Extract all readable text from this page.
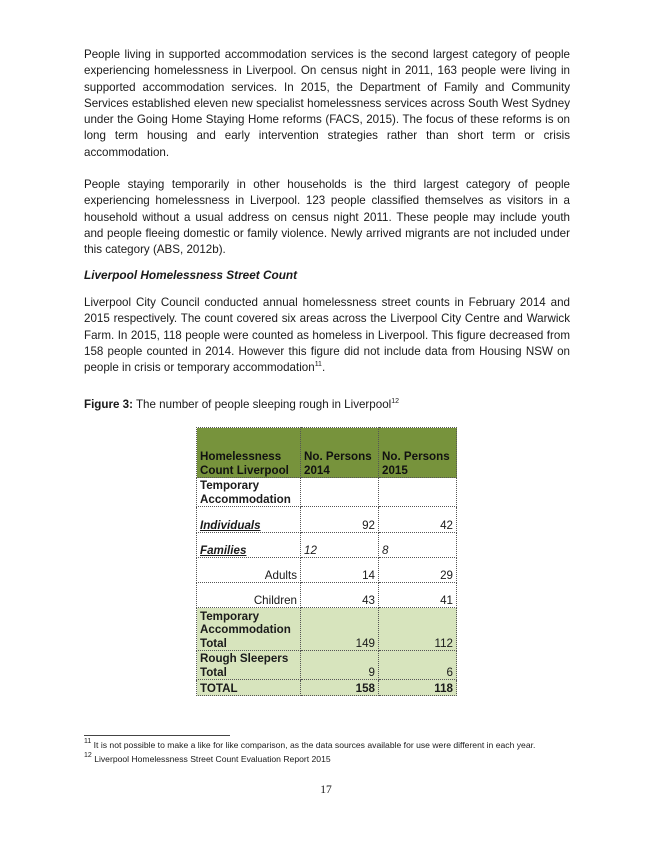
People living in supported accommodation services is the second largest category of people experiencing homelessness in Liverpool. On census night in 2011, 163 people were living in supported accommodation services. In 2015, the Department of Family and Community Services established eleven new specialist homelessness services across South West Sydney under the Going Home Staying Home reforms (FACS, 2015). The focus of these reforms is on long term housing and early intervention strategies rather than short term or crisis accommodation.

People staying temporarily in other households is the third largest category of people experiencing homelessness in Liverpool. 123 people classified themselves as visitors in a household without a usual address on census night 2011. These people may include youth and people fleeing domestic or family violence. Newly arrived migrants are not included under this category (ABS, 2012b).

Liverpool Homelessness Street Count

Liverpool City Council conducted annual homelessness street counts in February 2014 and 2015 respectively. The count covered six areas across the Liverpool City Centre and Warwick Farm. In 2015, 118 people were counted as homeless in Liverpool. This figure decreased from 158 people counted in 2014. However this figure did not include data from Housing NSW on people in crisis or temporary accommodation$^{11}$.

Figure 3: The number of people sleeping rough in Liverpool$^{12}$

Homelessness Count Liverpool	No. Persons 2014	No. Persons 2015
Temporary Accommodation		
Individuals	92	42
Families	12	8
Adults	14	29
Children	43	41
Temporary Accommodation Total	149	112
Rough Sleepers Total	9	6
TOTAL	158	118

$^{11}$ It is not possible to make a like for like comparison, as the data sources available for use were different in each year.

$^{12}$ Liverpool Homelessness Street Count Evaluation Report 2015

17
